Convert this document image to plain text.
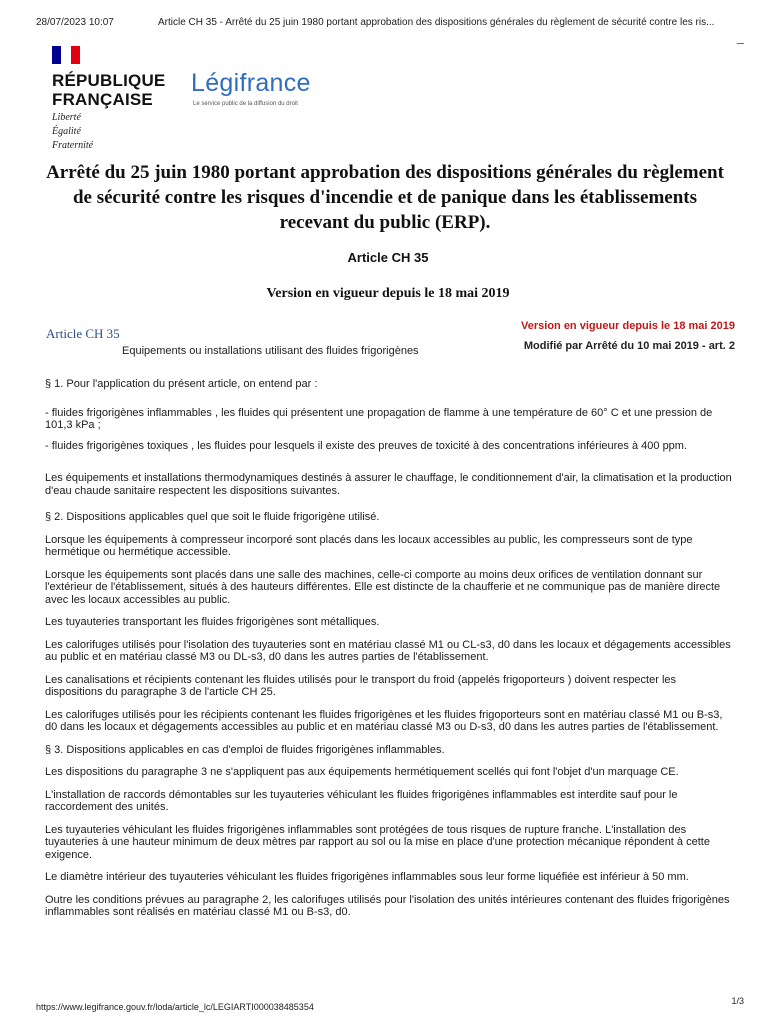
28/07/2023 10:07	Article CH 35 - Arrêté du 25 juin 1980 portant approbation des dispositions générales du règlement de sécurité contre les ris...
–
RÉPUBLIQUE
FRANÇAISE
Liberté
Égalité
Fraternité
Légifrance
Le service public de la diffusion du droit
Arrêté du 25 juin 1980 portant approbation des dispositions générales du règlement de sécurité contre les risques d'incendie et de panique dans les établissements recevant du public (ERP).
Article CH 35
Version en vigueur depuis le 18 mai 2019
Article CH 35
Equipements ou installations utilisant des fluides frigorigènes
Version en vigueur depuis le 18 mai 2019
Modifié par Arrêté du 10 mai 2019 - art. 2

§ 1. Pour l'application du présent article, on entend par :

- fluides frigorigènes inflammables , les fluides qui présentent une propagation de flamme à une température de 60° C et une pression de 101,3 kPa ;

- fluides frigorigènes toxiques , les fluides pour lesquels il existe des preuves de toxicité à des concentrations inférieures à 400 ppm.

Les équipements et installations thermodynamiques destinés à assurer le chauffage, le conditionnement d'air, la climatisation et la production d'eau chaude sanitaire respectent les dispositions suivantes.

§ 2. Dispositions applicables quel que soit le fluide frigorigène utilisé.

Lorsque les équipements à compresseur incorporé sont placés dans les locaux accessibles au public, les compresseurs sont de type hermétique ou hermétique accessible.

Lorsque les équipements sont placés dans une salle des machines, celle-ci comporte au moins deux orifices de ventilation donnant sur l'extérieur de l'établissement, situés à des hauteurs différentes. Elle est distincte de la chaufferie et ne communique pas de manière directe avec les locaux accessibles au public.

Les tuyauteries transportant les fluides frigorigènes sont métalliques.

Les calorifuges utilisés pour l'isolation des tuyauteries sont en matériau classé M1 ou CL-s3, d0 dans les locaux et dégagements accessibles au public et en matériau classé M3 ou DL-s3, d0 dans les autres parties de l'établissement.

Les canalisations et récipients contenant les fluides utilisés pour le transport du froid (appelés frigoporteurs ) doivent respecter les dispositions du paragraphe 3 de l'article CH 25.

Les calorifuges utilisés pour les récipients contenant les fluides frigorigènes et les fluides frigoporteurs sont en matériau classé M1 ou B-s3, d0 dans les locaux et dégagements accessibles au public et en matériau classé M3 ou D-s3, d0 dans les autres parties de l'établissement.

§ 3. Dispositions applicables en cas d'emploi de fluides frigorigènes inflammables.

Les dispositions du paragraphe 3 ne s'appliquent pas aux équipements hermétiquement scellés qui font l'objet d'un marquage CE.

L'installation de raccords démontables sur les tuyauteries véhiculant les fluides frigorigènes inflammables est interdite sauf pour le raccordement des unités.

Les tuyauteries véhiculant les fluides frigorigènes inflammables sont protégées de tous risques de rupture franche. L'installation des tuyauteries à une hauteur minimum de deux mètres par rapport au sol ou la mise en place d'une protection mécanique répondent à cette exigence.

Le diamètre intérieur des tuyauteries véhiculant les fluides frigorigènes inflammables sous leur forme liquéfiée est inférieur à 50 mm.

Outre les conditions prévues au paragraphe 2, les calorifuges utilisés pour l'isolation des unités intérieures contenant des fluides frigorigènes inflammables sont réalisés en matériau classé M1 ou B-s3, d0.

https://www.legifrance.gouv.fr/loda/article_lc/LEGIARTI000038485354
1/3
